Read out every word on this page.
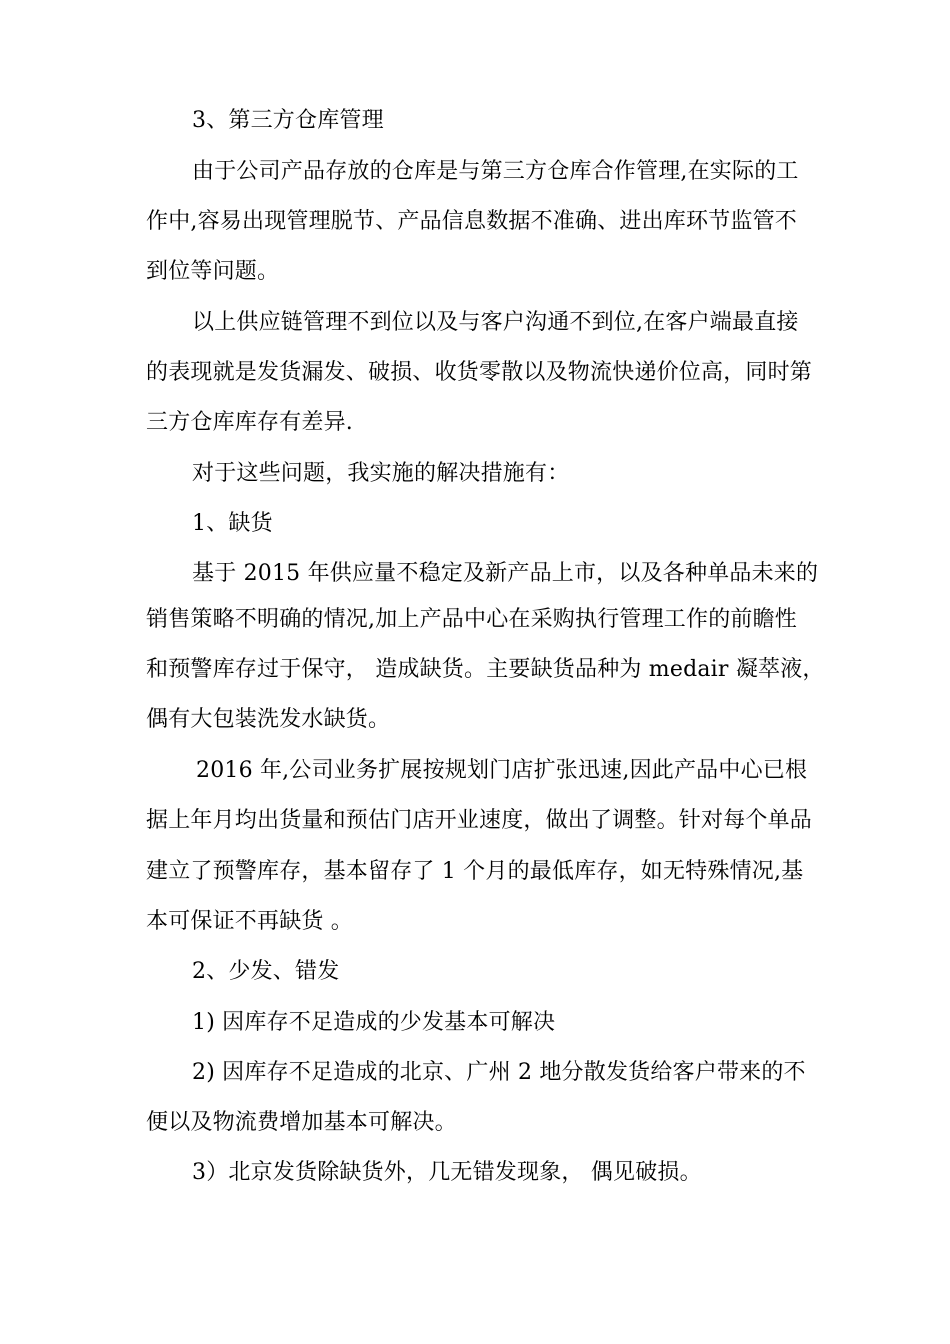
3、第三方仓库管理
由于公司产品存放的仓库是与第三方仓库合作管理,在实际的工
作中,容易出现管理脱节、产品信息数据不准确、进出库环节监管不
到位等问题。
以上供应链管理不到位以及与客户沟通不到位,在客户端最直接
的表现就是发货漏发、破损、收货零散以及物流快递价位高，同时第
三方仓库库存有差异.
对于这些问题，我实施的解决措施有：
1、缺货
基于 2015 年供应量不稳定及新产品上市，以及各种单品未来的
销售策略不明确的情况,加上产品中心在采购执行管理工作的前瞻性
和预警库存过于保守， 造成缺货。主要缺货品种为 medair 凝萃液，
偶有大包装洗发水缺货。
2016 年,公司业务扩展按规划门店扩张迅速,因此产品中心已根
据上年月均出货量和预估门店开业速度，做出了调整。针对每个单品
建立了预警库存，基本留存了 1 个月的最低库存，如无特殊情况,基
本可保证不再缺货 。
2、少发、错发
1) 因库存不足造成的少发基本可解决
2) 因库存不足造成的北京、广州 2 地分散发货给客户带来的不
便以及物流费增加基本可解决。
3）北京发货除缺货外，几无错发现象， 偶见破损。
